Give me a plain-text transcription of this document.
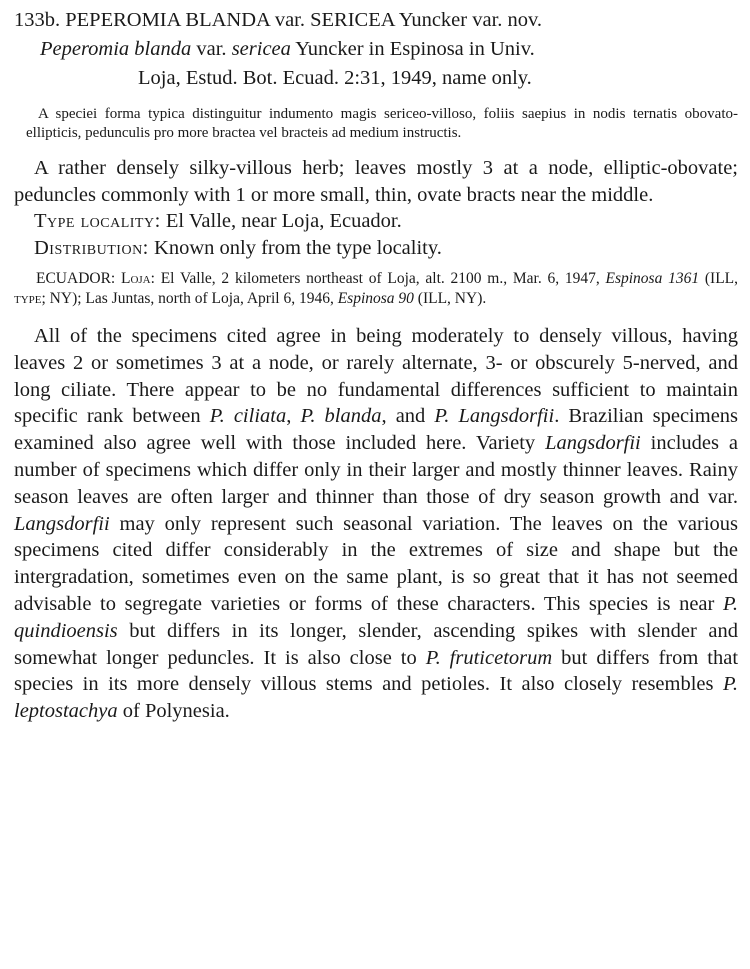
133b. PEPEROMIA BLANDA var. SERICEA Yuncker var. nov.
Peperomia blanda var. sericea Yuncker in Espinosa in Univ.
Loja, Estud. Bot. Ecuad. 2:31, 1949, name only.

A speciei forma typica distinguitur indumento magis sericeo-villoso, foliis saepius in nodis ternatis obovato-ellipticis, pedunculis pro more bractea vel bracteis ad medium instructis.

A rather densely silky-villous herb; leaves mostly 3 at a node, elliptic-obovate; peduncles commonly with 1 or more small, thin, ovate bracts near the middle.

Type locality: El Valle, near Loja, Ecuador.
Distribution: Known only from the type locality.

ECUADOR: Loja: El Valle, 2 kilometers northeast of Loja, alt. 2100 m., Mar. 6, 1947, Espinosa 1361 (ILL, type; NY); Las Juntas, north of Loja, April 6, 1946, Espinosa 90 (ILL, NY).

All of the specimens cited agree in being moderately to densely villous, having leaves 2 or sometimes 3 at a node, or rarely alternate, 3- or obscurely 5-nerved, and long ciliate. There appear to be no fundamental differences sufficient to maintain specific rank between P. ciliata, P. blanda, and P. Langsdorfii. Brazilian specimens examined also agree well with those included here. Variety Langsdorfii includes a number of specimens which differ only in their larger and mostly thinner leaves. Rainy season leaves are often larger and thinner than those of dry season growth and var. Langsdorfii may only represent such seasonal variation. The leaves on the various specimens cited differ considerably in the extremes of size and shape but the intergradation, sometimes even on the same plant, is so great that it has not seemed advisable to segregate varieties or forms of these characters. This species is near P. quindioensis but differs in its longer, slender, ascending spikes with slender and somewhat longer peduncles. It is also close to P. fruticetorum but differs from that species in its more densely villous stems and petioles. It also closely resembles P. leptostachya of Polynesia.
